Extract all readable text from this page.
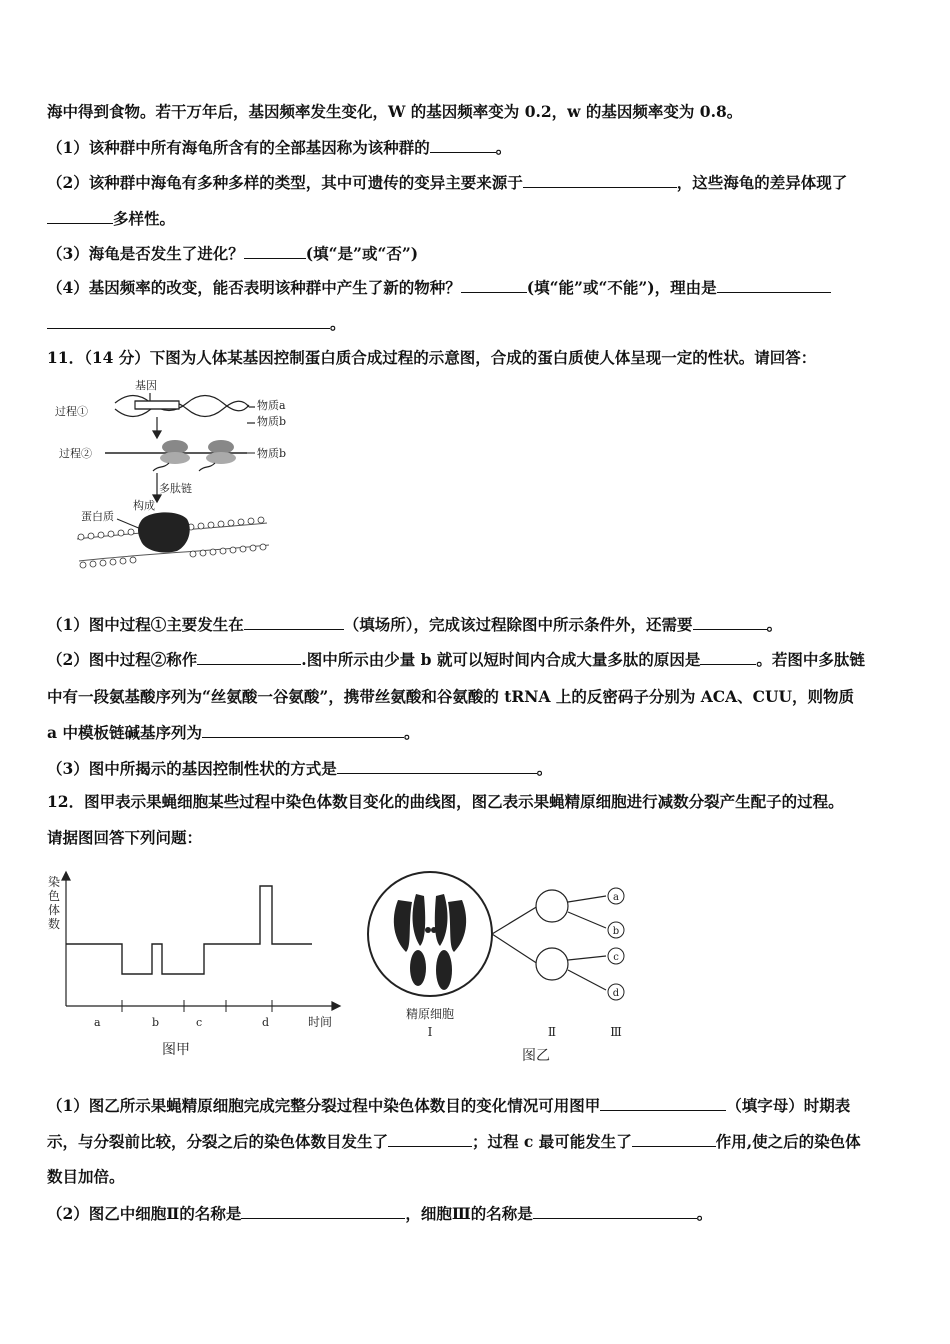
海中得到食物。若干万年后，基因频率发生变化，W 的基因频率变为 0.2，w 的基因频率变为 0.8。
（1）该种群中所有海龟所含有的全部基因称为该种群的	。
（2）该种群中海龟有多种多样的类型，其中可遗传的变异主要来源于	，这些海龟的差异体现了
多样性。
（3）海龟是否发生了进化？	(填“是”或“否”)
（4）基因频率的改变，能否表明该种群中产生了新的物种？	(填“能”或“不能”)，理由是
。
11．（14 分）下图为人体某基因控制蛋白质合成过程的示意图，合成的蛋白质使人体呈现一定的性状。请回答：
基因
过程①
过程②
物质a
物质b
物质b
多肽链
构成
蛋白质
（1）图中过程①主要发生在	（填场所），完成该过程除图中所示条件外，还需要	。
（2）图中过程②称作	.图中所示由少量 b 就可以短时间内合成大量多肽的原因是	。若图中多肽链
中有一段氨基酸序列为“丝氨酸一谷氨酸”，携带丝氨酸和谷氨酸的 tRNA 上的反密码子分别为 ACA、CUU，则物质
a 中模板链碱基序列为	。
（3）图中所揭示的基因控制性状的方式是	。
12．图甲表示果蝇细胞某些过程中染色体数目变化的曲线图，图乙表示果蝇精原细胞进行减数分裂产生配子的过程。
请据图回答下列问题：
染色体数
时间
图甲
a	b	c	d
a
b
c
d
精原细胞
Ⅰ	Ⅱ	Ⅲ
图乙
（1）图乙所示果蝇精原细胞完成完整分裂过程中染色体数目的变化情况可用图甲	（填字母）时期表
示，与分裂前比较，分裂之后的染色体数目发生了	；过程 c 最可能发生了	作用,使之后的染色体
数目加倍。
（2）图乙中细胞Ⅱ的名称是	，细胞Ⅲ的名称是	。
